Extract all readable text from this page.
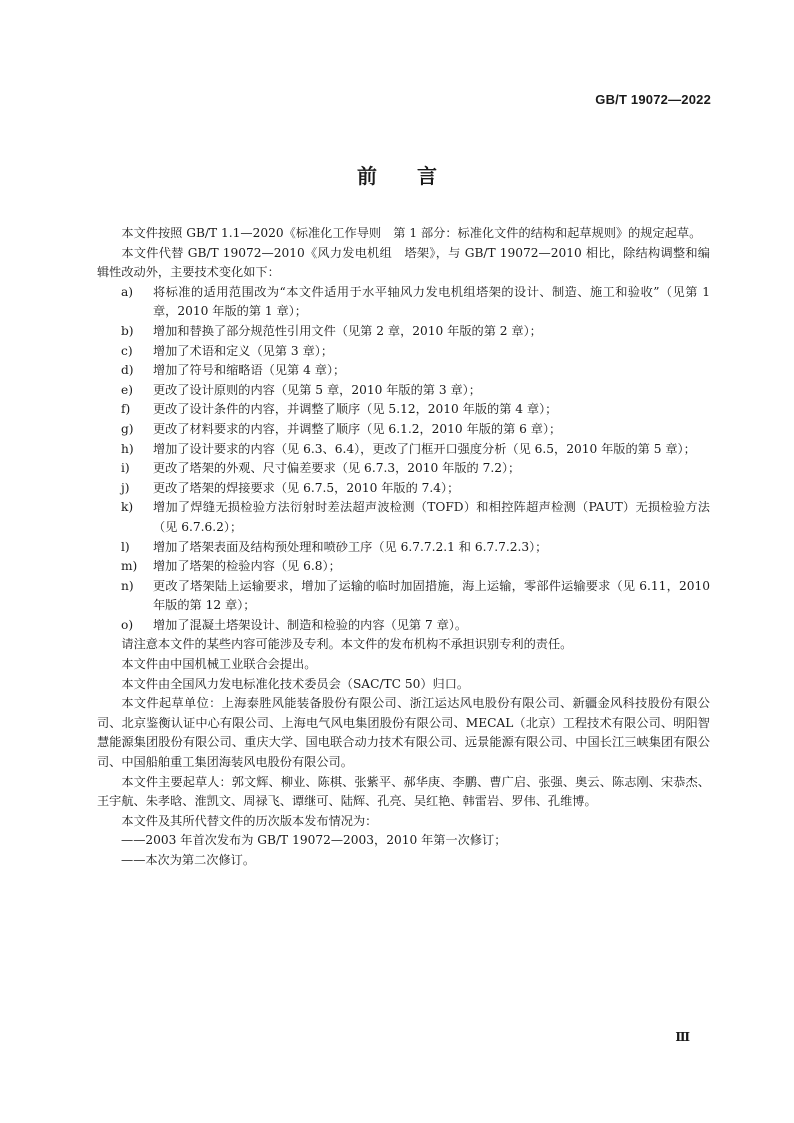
GB/T 19072—2022
前 言

本文件按照 GB/T 1.1—2020《标准化工作导则　第 1 部分：标准化文件的结构和起草规则》的规定起草。

本文件代替 GB/T 19072—2010《风力发电机组　塔架》，与 GB/T 19072—2010 相比，除结构调整和编辑性改动外，主要技术变化如下：

a) 将标准的适用范围改为“本文件适用于水平轴风力发电机组塔架的设计、制造、施工和验收”（见第 1 章，2010 年版的第 1 章）；

b) 增加和替换了部分规范性引用文件（见第 2 章，2010 年版的第 2 章）；

c) 增加了术语和定义（见第 3 章）；

d) 增加了符号和缩略语（见第 4 章）；

e) 更改了设计原则的内容（见第 5 章，2010 年版的第 3 章）；

f) 更改了设计条件的内容，并调整了顺序（见 5.12，2010 年版的第 4 章）；

g) 更改了材料要求的内容，并调整了顺序（见 6.1.2，2010 年版的第 6 章）；

h) 增加了设计要求的内容（见 6.3、6.4），更改了门框开口强度分析（见 6.5，2010 年版的第 5 章）；

i) 更改了塔架的外观、尺寸偏差要求（见 6.7.3，2010 年版的 7.2）；

j) 更改了塔架的焊接要求（见 6.7.5，2010 年版的 7.4）；

k) 增加了焊缝无损检验方法衍射时差法超声波检测（TOFD）和相控阵超声检测（PAUT）无损检验方法（见 6.7.6.2）；

l) 增加了塔架表面及结构预处理和喷砂工序（见 6.7.7.2.1 和 6.7.7.2.3）；

m) 增加了塔架的检验内容（见 6.8）；

n) 更改了塔架陆上运输要求，增加了运输的临时加固措施，海上运输，零部件运输要求（见 6.11，2010 年版的第 12 章）；

o) 增加了混凝土塔架设计、制造和检验的内容（见第 7 章）。

请注意本文件的某些内容可能涉及专利。本文件的发布机构不承担识别专利的责任。

本文件由中国机械工业联合会提出。

本文件由全国风力发电标准化技术委员会（SAC/TC 50）归口。

本文件起草单位：上海泰胜风能装备股份有限公司、浙江运达风电股份有限公司、新疆金风科技股份有限公司、北京鉴衡认证中心有限公司、上海电气风电集团股份有限公司、MECAL（北京）工程技术有限公司、明阳智慧能源集团股份有限公司、重庆大学、国电联合动力技术有限公司、远景能源有限公司、中国长江三峡集团有限公司、中国船舶重工集团海装风电股份有限公司。

本文件主要起草人：郭文辉、柳业、陈棋、张紫平、郝华庚、李鹏、曹广启、张强、奥云、陈志刚、宋恭杰、王宇航、朱孝晗、淮凯文、周禄飞、谭继可、陆辉、孔亮、吴红艳、韩雷岩、罗伟、孔维博。

本文件及其所代替文件的历次版本发布情况为：

——2003 年首次发布为 GB/T 19072—2003，2010 年第一次修订；

——本次为第二次修订。

Ⅲ
